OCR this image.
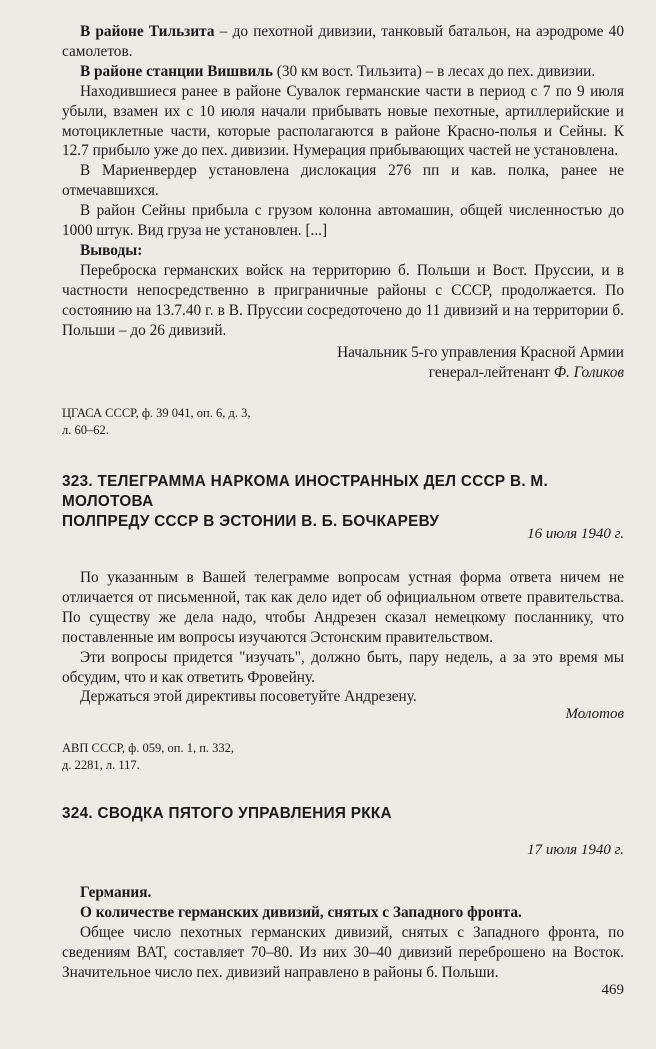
В районе Тильзита – до пехотной дивизии, танковый батальон, на аэродроме 40 самолетов.

В районе станции Вишвиль (30 км вост. Тильзита) – в лесах до пех. дивизии.

Находившиеся ранее в районе Сувалок германские части в период с 7 по 9 июля убыли, взамен их с 10 июля начали прибывать новые пехотные, артиллерийские и мотоциклетные части, которые располагаются в районе Красно-полья и Сейны. К 12.7 прибыло уже до пех. дивизии. Нумерация прибывающих частей не установлена.

В Мариенвердер установлена дислокация 276 пп и кав. полка, ранее не отмечавшихся.

В район Сейны прибыла с грузом колонна автомашин, общей численностью до 1000 штук. Вид груза не установлен. [...]

Выводы:

Переброска германских войск на территорию б. Польши и Вост. Пруссии, и в частности непосредственно в приграничные районы с СССР, продолжается. По состоянию на 13.7.40 г. в В. Пруссии сосредоточено до 11 дивизий и на территории б. Польши – до 26 дивизий.

Начальник 5-го управления Красной Армии

генерал-лейтенант Ф. Голиков

ЦГАСА СССР, ф. 39 041, оп. 6, д. 3,

л. 60–62.

323. ТЕЛЕГРАММА НАРКОМА ИНОСТРАННЫХ ДЕЛ СССР В. М. МОЛОТОВА

ПОЛПРЕДУ СССР В ЭСТОНИИ В. Б. БОЧКАРЕВУ

16 июля 1940 г.

По указанным в Вашей телеграмме вопросам устная форма ответа ничем не отличается от письменной, так как дело идет об официальном ответе правительства. По существу же дела надо, чтобы Андрезен сказал немецкому посланнику, что поставленные им вопросы изучаются Эстонским правительством.

Эти вопросы придется "изучать", должно быть, пару недель, а за это время мы обсудим, что и как ответить Фровейну.

Держаться этой директивы посоветуйте Андрезену.

Молотов

АВП СССР, ф. 059, оп. 1, п. 332,

д. 2281, л. 117.

324. СВОДКА ПЯТОГО УПРАВЛЕНИЯ РККА

17 июля 1940 г.

Германия.

О количестве германских дивизий, снятых с Западного фронта.

Общее число пехотных германских дивизий, снятых с Западного фронта, по сведениям ВАТ, составляет 70–80. Из них 30–40 дивизий переброшено на Восток. Значительное число пех. дивизий направлено в районы б. Польши.

469
